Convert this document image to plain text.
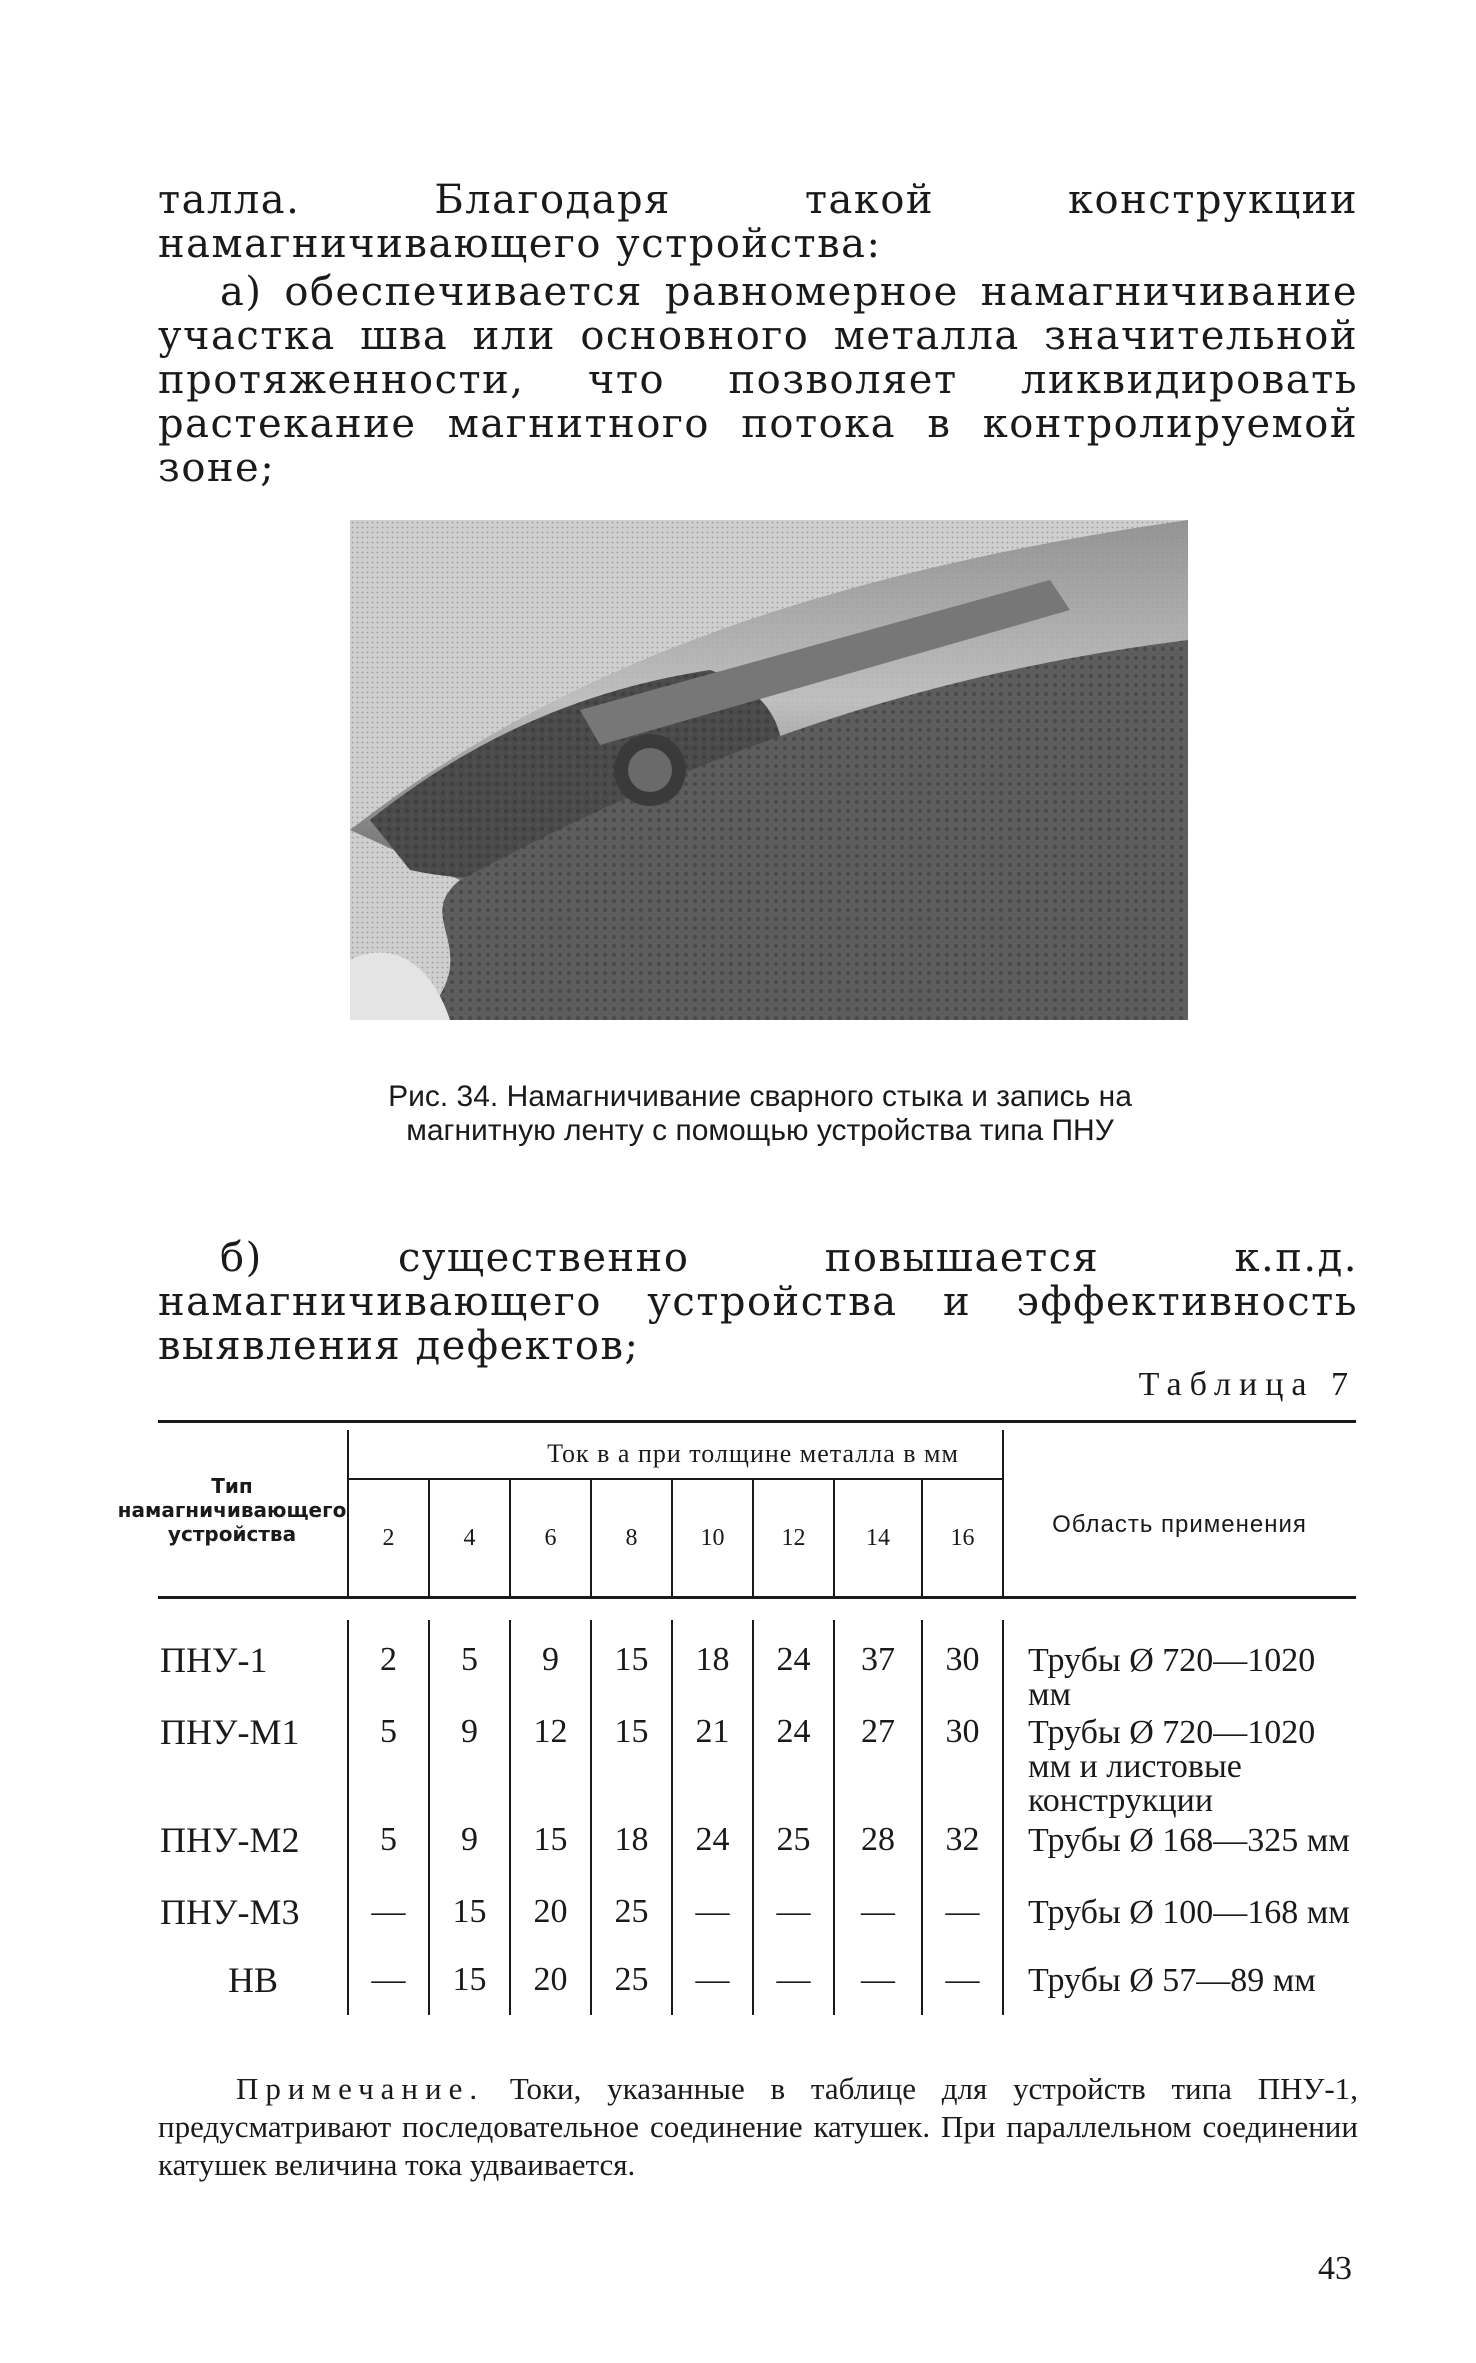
талла. Благодаря такой конструкции намагничивающего устройства:

а) обеспечивается равномерное намагничивание участка шва или основного металла значительной протяженности, что позволяет ликвидировать растекание магнитного потока в контролируемой зоне;

Рис. 34. Намагничивание сварного стыка и запись на магнитную ленту с помощью устройства типа ПНУ

б) существенно повышается к.п.д. намагничивающего устройства и эффективность выявления дефектов;

Таблица 7
Тип намагничивающего устройства
Ток в а при толщине металла в мм
Область применения
2	4	6	8	10	12	14	16
ПНУ-1	2	5	9	15	18	24	37	30	Трубы Ø 720—1020 мм
ПНУ-М1	5	9	12	15	21	24	27	30	Трубы Ø 720—1020 мм и листовые конструкции
ПНУ-М2	5	9	15	18	24	25	28	32	Трубы Ø 168—325 мм
ПНУ-М3	—	15	20	25	—	—	—	—	Трубы Ø 100—168 мм
НВ	—	15	20	25	—	—	—	—	Трубы Ø 57—89 мм

Примечание. Токи, указанные в таблице для устройств типа ПНУ-1, предусматривают последовательное соединение катушек. При параллельном соединении катушек величина тока удваивается.

43
